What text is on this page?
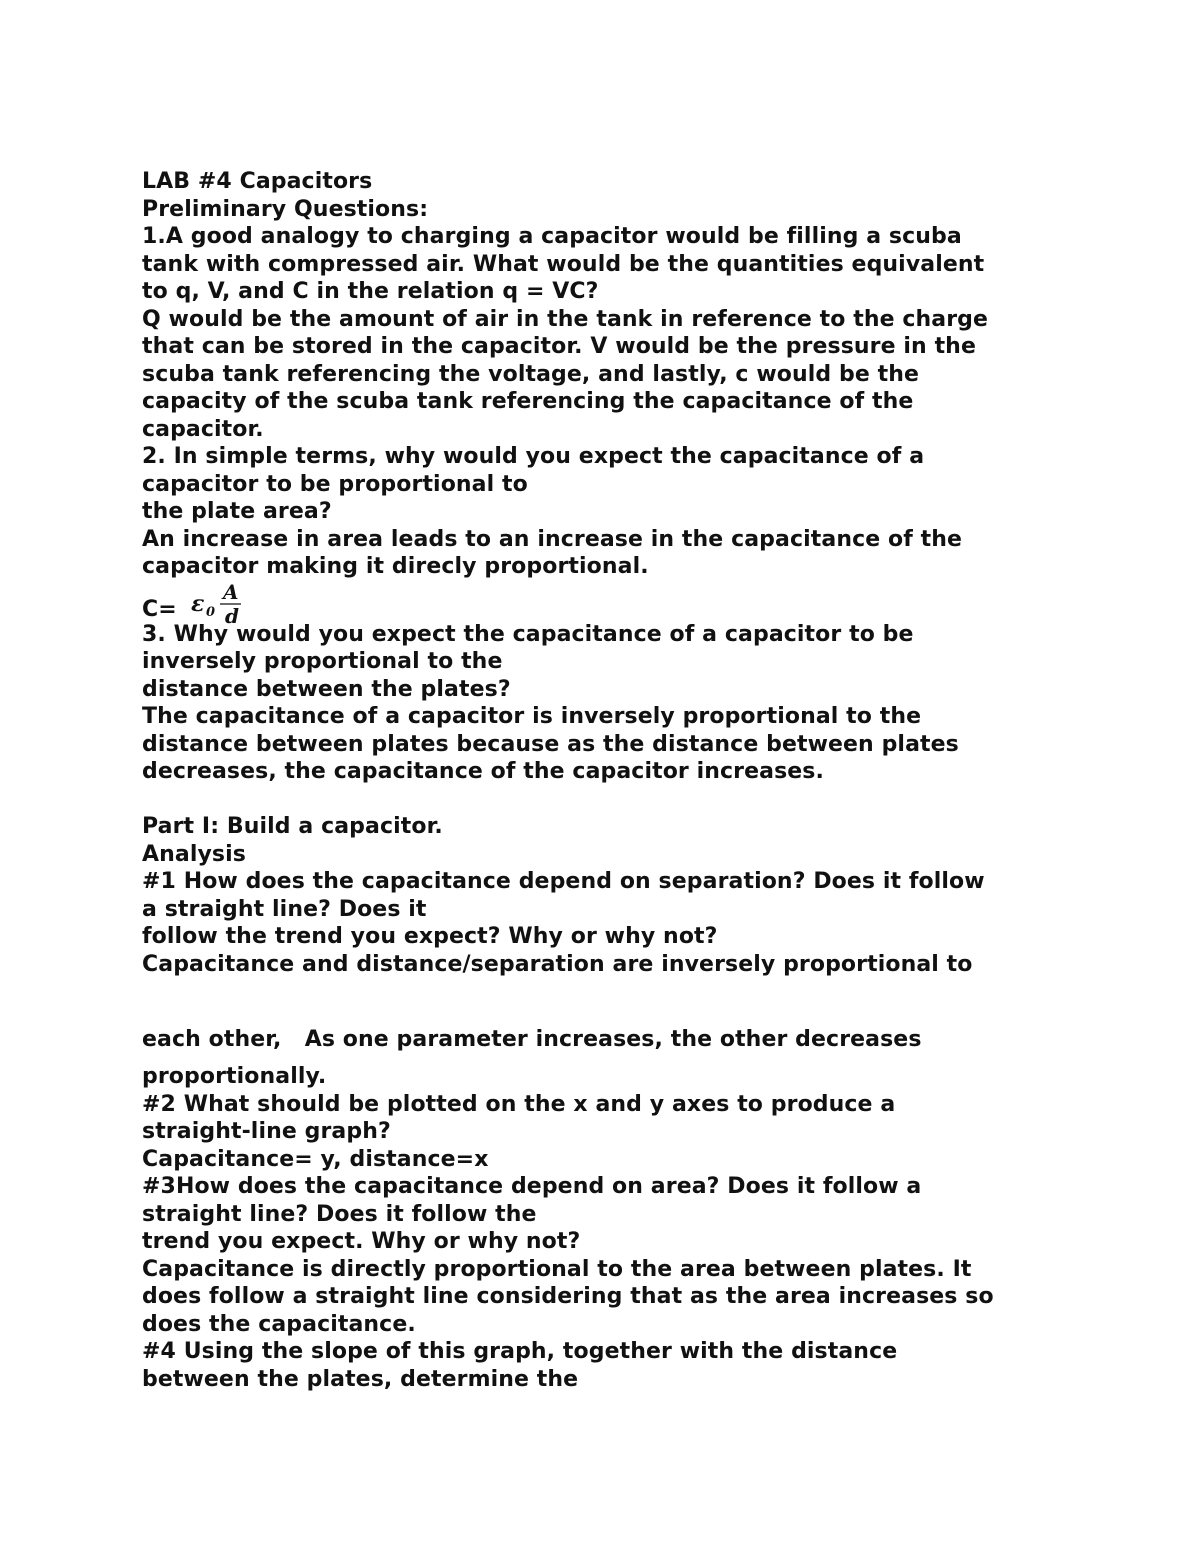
LAB #4 Capacitors
Preliminary Questions:
1.A good analogy to charging a capacitor would be filling a scuba
tank with compressed air. What would be the quantities equivalent
to q, V, and C in the relation q = VC?
Q would be the amount of air in the tank in reference to the charge
that can be stored in the capacitor. V would be the pressure in the
scuba tank referencing the voltage, and lastly, c would be the
capacity of the scuba tank referencing the capacitance of the
capacitor.
2. In simple terms, why would you expect the capacitance of a
capacitor to be proportional to
the plate area?
An increase in area leads to an increase in the capacitance of the
capacitor making it direcly proportional.
C= ε 0
A
d
3. Why would you expect the capacitance of a capacitor to be
inversely proportional to the
distance between the plates?
The capacitance of a capacitor is inversely proportional to the
distance between plates because as the distance between plates
decreases, the capacitance of the capacitor increases.
Part I: Build a capacitor.
Analysis
#1 How does the capacitance depend on separation? Does it follow
a straight line? Does it
follow the trend you expect? Why or why not?
Capacitance and distance/separation are inversely proportional to
each other,   As one parameter increases, the other decreases
proportionally.
#2 What should be plotted on the x and y axes to produce a
straight-line graph?
Capacitance= y, distance=x
#3How does the capacitance depend on area? Does it follow a
straight line? Does it follow the
trend you expect. Why or why not?
Capacitance is directly proportional to the area between plates. It
does follow a straight line considering that as the area increases so
does the capacitance.
#4 Using the slope of this graph, together with the distance
between the plates, determine the
